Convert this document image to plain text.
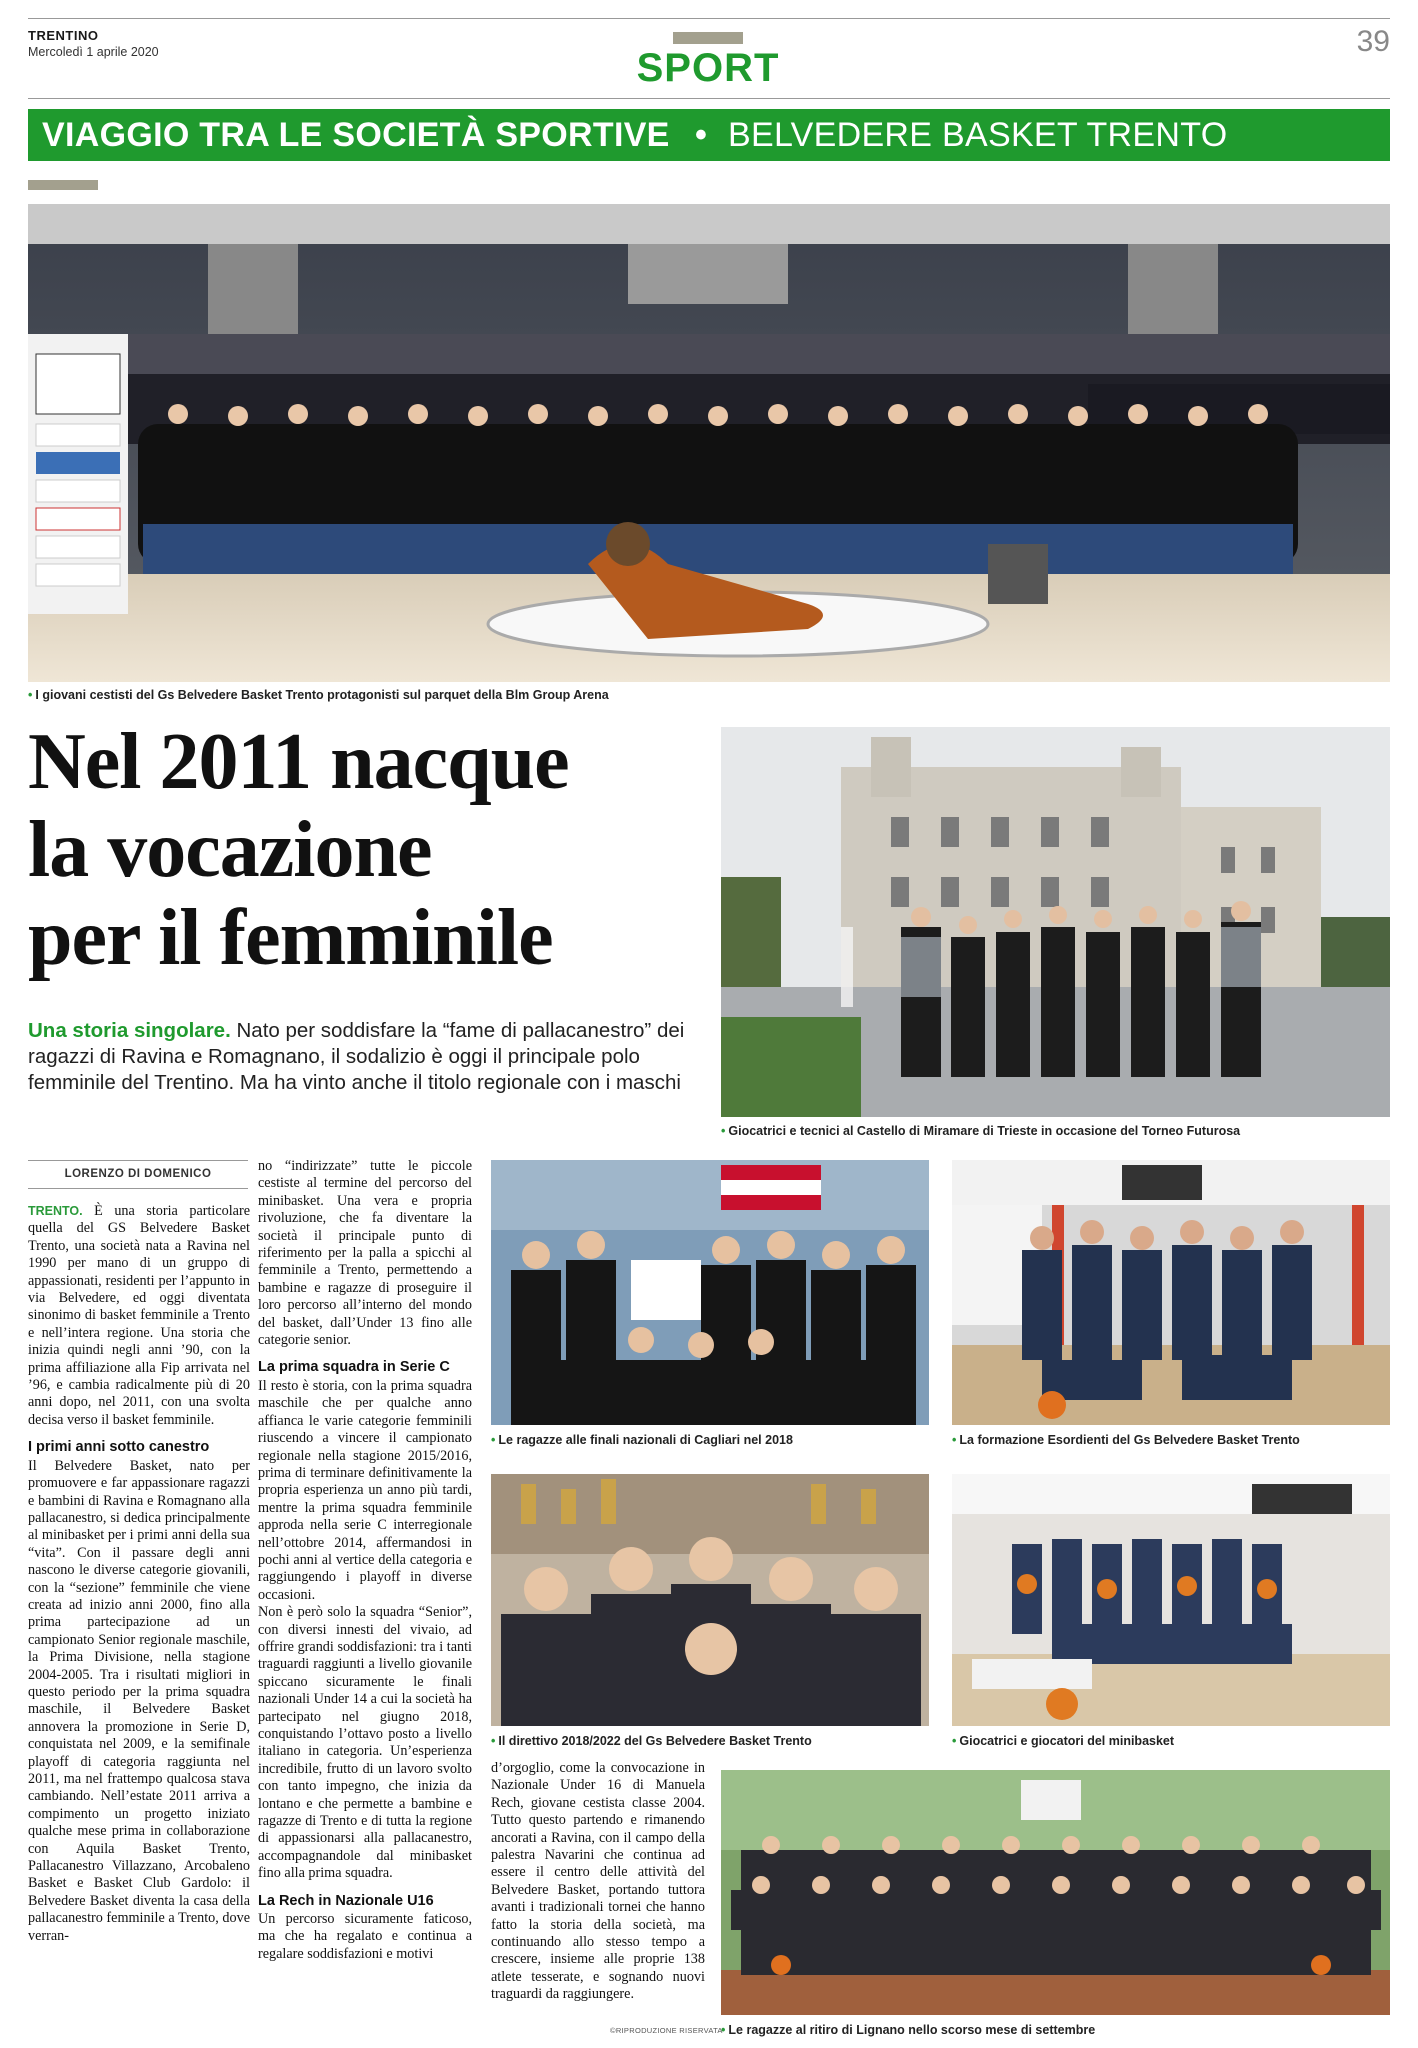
TRENTINO
Mercoledì 1 aprile 2020	SPORT
39
VIAGGIO TRA LE SOCIETÀ SPORTIVE • BELVEDERE BASKET TRENTO
• I giovani cestisti del Gs Belvedere Basket Trento protagonisti sul parquet della Blm Group Arena
Nel 2011 nacque
la vocazione
per il femminile
Una storia singolare. Nato per soddisfare la “fame di pallacanestro” dei ragazzi di Ravina e Romagnano, il sodalizio è oggi il principale polo femminile del Trentino. Ma ha vinto anche il titolo regionale con i maschi
• Giocatrici e tecnici al Castello di Miramare di Trieste in occasione del Torneo Futurosa
LORENZO DI DOMENICO

TRENTO. È una storia particolare quella del GS Belvedere Basket Trento, una società nata a Ravina nel 1990 per mano di un gruppo di appassionati, residenti per l’appunto in via Belvedere, ed oggi diventata sinonimo di basket femminile a Trento e nell’intera regione. Una storia che inizia quindi negli anni ’90, con la prima affiliazione alla Fip arrivata nel ’96, e cambia radicalmente più di 20 anni dopo, nel 2011, con una svolta decisa verso il basket femminile.

I primi anni sotto canestro

Il Belvedere Basket, nato per promuovere e far appassionare ragazzi e bambini di Ravina e Romagnano alla pallacanestro, si dedica principalmente al minibasket per i primi anni della sua “vita”. Con il passare degli anni nascono le diverse categorie giovanili, con la “sezione” femminile che viene creata ad inizio anni 2000, fino alla prima partecipazione ad un campionato Senior regionale maschile, la Prima Divisione, nella stagione 2004-2005. Tra i risultati migliori in questo periodo per la prima squadra maschile, il Belvedere Basket annovera la promozione in Serie D, conquistata nel 2009, e la semifinale playoff di categoria raggiunta nel 2011, ma nel frattempo qualcosa stava cambiando. Nell’estate 2011 arriva a compimento un progetto iniziato qualche mese prima in collaborazione con Aquila Basket Trento, Pallacanestro Villazzano, Arcobaleno Basket e Basket Club Gardolo: il Belvedere Basket diventa la casa della pallacanestro femminile a Trento, dove verran-

no “indirizzate” tutte le piccole cestiste al termine del percorso del minibasket. Una vera e propria rivoluzione, che fa diventare la società il principale punto di riferimento per la palla a spicchi al femminile a Trento, permettendo a bambine e ragazze di proseguire il loro percorso all’interno del mondo del basket, dall’Under 13 fino alle categorie senior.

La prima squadra in Serie C

Il resto è storia, con la prima squadra maschile che per qualche anno affianca le varie categorie femminili riuscendo a vincere il campionato regionale nella stagione 2015/2016, prima di terminare definitivamente la propria esperienza un anno più tardi, mentre la prima squadra femminile approda nella serie C interregionale nell’ottobre 2014, affermandosi in pochi anni al vertice della categoria e raggiungendo i playoff in diverse occasioni.

Non è però solo la squadra “Senior”, con diversi innesti del vivaio, ad offrire grandi soddisfazioni: tra i tanti traguardi raggiunti a livello giovanile spiccano sicuramente le finali nazionali Under 14 a cui la società ha partecipato nel giugno 2018, conquistando l’ottavo posto a livello italiano in categoria. Un’esperienza incredibile, frutto di un lavoro svolto con tanto impegno, che inizia da lontano e che permette a bambine e ragazze di Trento e di tutta la regione di appassionarsi alla pallacanestro, accompagnandole dal minibasket fino alla prima squadra.

La Rech in Nazionale U16

Un percorso sicuramente faticoso, ma che ha regalato e continua a regalare soddisfazioni e motivi

• Le ragazze alle finali nazionali di Cagliari nel 2018	• La formazione Esordienti del Gs Belvedere Basket Trento
• Il direttivo 2018/2022 del Gs Belvedere Basket Trento	• Giocatrici e giocatori del minibasket

d’orgoglio, come la convocazione in Nazionale Under 16 di Manuela Rech, giovane cestista classe 2004. Tutto questo partendo e rimanendo ancorati a Ravina, con il campo della palestra Navarini che continua ad essere il centro delle attività del Belvedere Basket, portando tuttora avanti i tradizionali tornei che hanno fatto la storia della società, ma continuando allo stesso tempo a crescere, insieme alle proprie 138 atlete tesserate, e sognando nuovi traguardi da raggiungere.

©RIPRODUZIONE RISERVATA
• Le ragazze al ritiro di Lignano nello scorso mese di settembre
